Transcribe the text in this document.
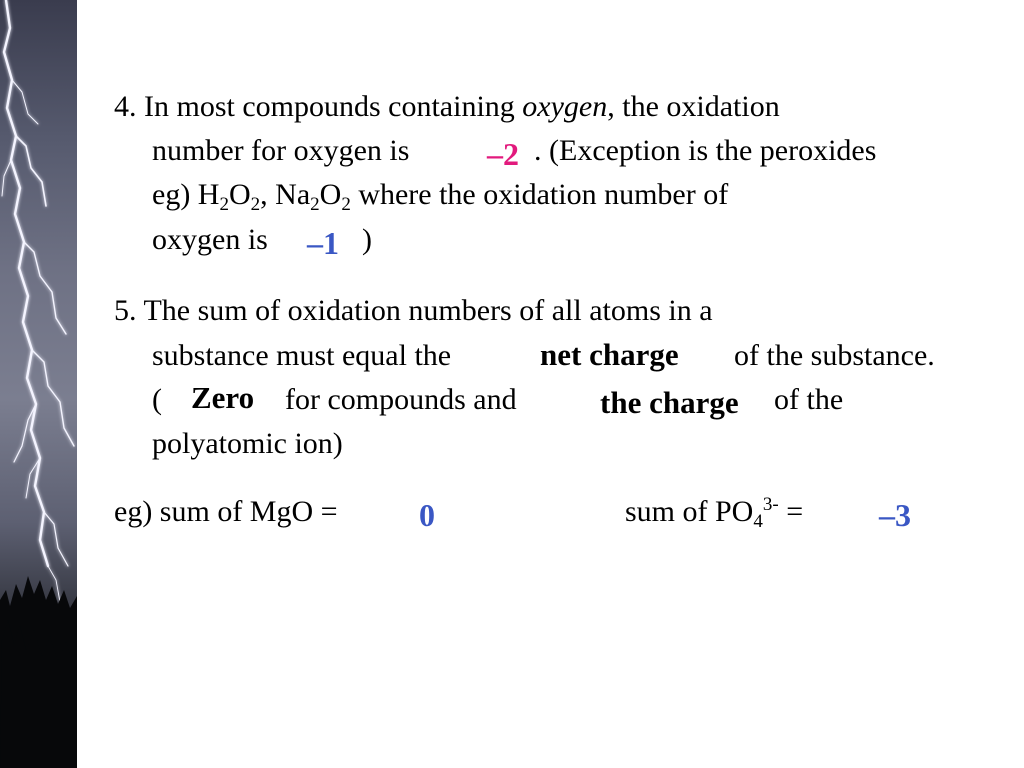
4. In most compounds containing oxygen, the oxidation
number for oxygen is –2 . (Exception is the peroxides
eg) $H_2O_2$, $Na_2O_2$ where the oxidation number of
oxygen is –1 )
5. The sum of oxidation numbers of all atoms in a
substance must equal the	net charge of the substance.
( Zero for compounds and	the charge of the
polyatomic ion)
eg) sum of MgO =	0	sum of $PO_4^{3-} = -3$
